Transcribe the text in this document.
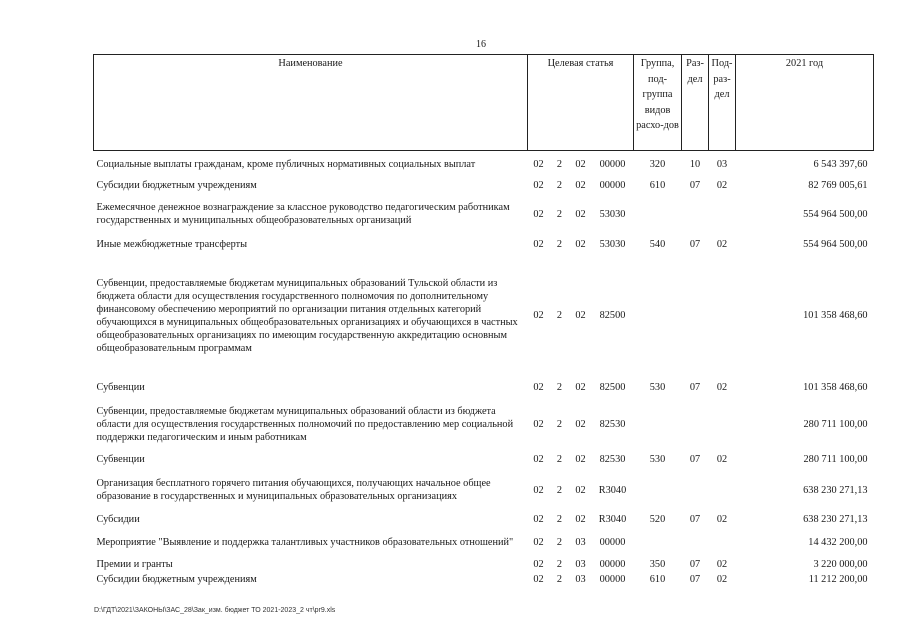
16
Наименование	Целевая статья				Группа, под-группа видов расхо-дов	Раз-дел	Под-раз-дел	2021 год
Социальные выплаты гражданам, кроме публичных нормативных социальных выплат	02	2	02	00000	320	10	03	6 543 397,60
Субсидии бюджетным учреждениям	02	2	02	00000	610	07	02	82 769 005,61
Ежемесячное денежное вознаграждение за классное руководство педагогическим работникам государственных и муниципальных общеобразовательных организаций	02	2	02	53030				554 964 500,00
Иные межбюджетные трансферты	02	2	02	53030	540	07	02	554 964 500,00
Субвенции, предоставляемые бюджетам муниципальных образований Тульской области из бюджета области для осуществления государственного полномочия по дополнительному финансовому обеспечению мероприятий по организации питания отдельных категорий обучающихся в муниципальных общеобразовательных организациях и обучающихся в частных общеобразовательных организациях по имеющим государственную аккредитацию основным общеобразовательным программам	02	2	02	82500				101 358 468,60
Субвенции	02	2	02	82500	530	07	02	101 358 468,60
Субвенции, предоставляемые бюджетам муниципальных образований области из бюджета области для осуществления государственных полномочий по предоставлению мер социальной поддержки педагогическим и иным работникам	02	2	02	82530				280 711 100,00
Субвенции	02	2	02	82530	530	07	02	280 711 100,00
Организация бесплатного горячего питания обучающихся, получающих начальное общее образование в государственных и муниципальных образовательных организациях	02	2	02	R3040				638 230 271,13
Субсидии	02	2	02	R3040	520	07	02	638 230 271,13
Мероприятие "Выявление и поддержка талантливых участников образовательных отношений"	02	2	03	00000				14 432 200,00
Премии и гранты	02	2	03	00000	350	07	02	3 220 000,00
Субсидии бюджетным учреждениям	02	2	03	00000	610	07	02	11 212 200,00
D:\ГДТ\2021\ЗАКОНЫ\ЗАС_28\Зак_изм. бюджет ТО 2021-2023_2 чт\pr9.xls
